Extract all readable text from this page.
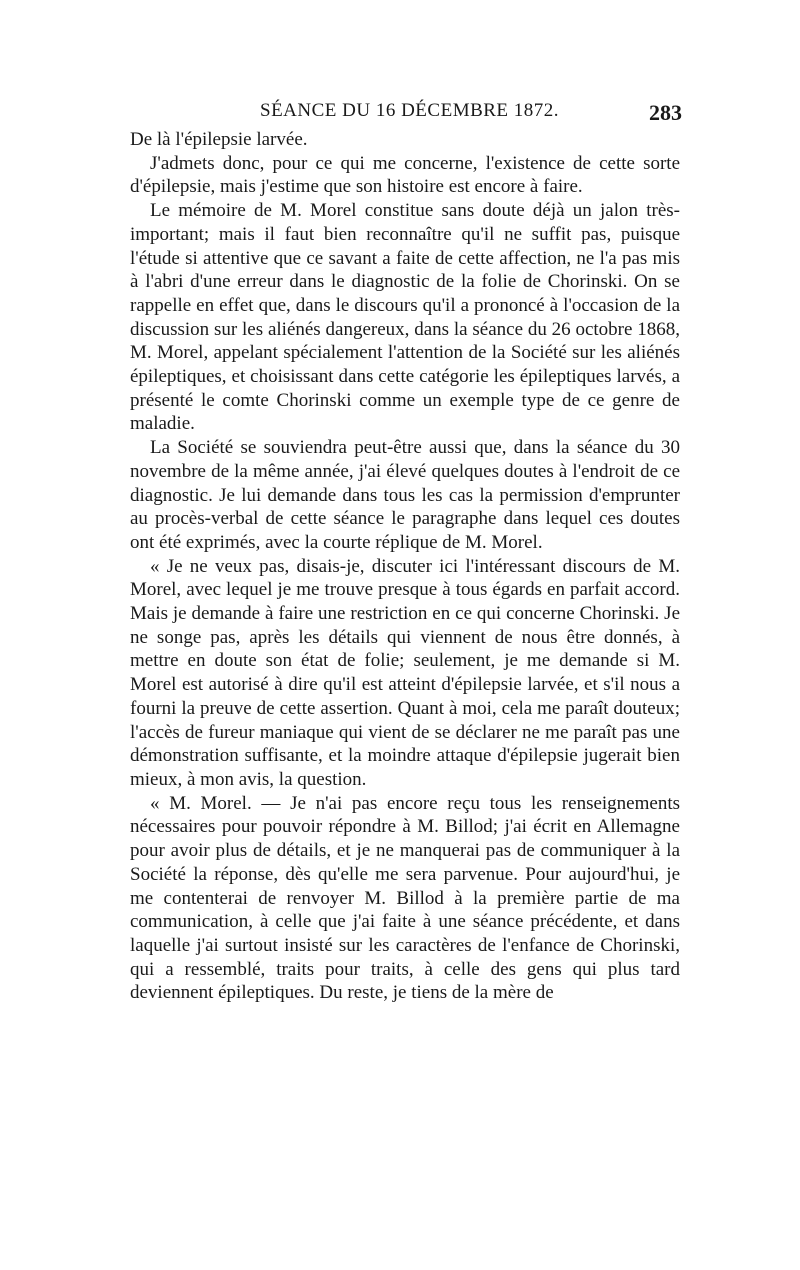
SÉANCE DU 16 DÉCEMBRE 1872.	283

De là l'épilepsie larvée.

J'admets donc, pour ce qui me concerne, l'existence de cette sorte d'épilepsie, mais j'estime que son histoire est encore à faire.

Le mémoire de M. Morel constitue sans doute déjà un jalon très-important; mais il faut bien reconnaître qu'il ne suffit pas, puisque l'étude si attentive que ce savant a faite de cette affection, ne l'a pas mis à l'abri d'une erreur dans le diagnostic de la folie de Chorinski. On se rappelle en effet que, dans le discours qu'il a prononcé à l'occasion de la discussion sur les aliénés dangereux, dans la séance du 26 octobre 1868, M. Morel, appelant spécialement l'attention de la Société sur les aliénés épileptiques, et choisissant dans cette catégorie les épileptiques larvés, a présenté le comte Chorinski comme un exemple type de ce genre de maladie.

La Société se souviendra peut-être aussi que, dans la séance du 30 novembre de la même année, j'ai élevé quelques doutes à l'endroit de ce diagnostic. Je lui demande dans tous les cas la permission d'emprunter au procès-verbal de cette séance le paragraphe dans lequel ces doutes ont été exprimés, avec la courte réplique de M. Morel.

« Je ne veux pas, disais-je, discuter ici l'intéressant discours de M. Morel, avec lequel je me trouve presque à tous égards en parfait accord. Mais je demande à faire une restriction en ce qui concerne Chorinski. Je ne songe pas, après les détails qui viennent de nous être donnés, à mettre en doute son état de folie; seulement, je me demande si M. Morel est autorisé à dire qu'il est atteint d'épilepsie larvée, et s'il nous a fourni la preuve de cette assertion. Quant à moi, cela me paraît douteux; l'accès de fureur maniaque qui vient de se déclarer ne me paraît pas une démonstration suffisante, et la moindre attaque d'épilepsie jugerait bien mieux, à mon avis, la question.

« M. Morel. — Je n'ai pas encore reçu tous les renseignements nécessaires pour pouvoir répondre à M. Billod; j'ai écrit en Allemagne pour avoir plus de détails, et je ne manquerai pas de communiquer à la Société la réponse, dès qu'elle me sera parvenue. Pour aujourd'hui, je me contenterai de renvoyer M. Billod à la première partie de ma communication, à celle que j'ai faite à une séance précédente, et dans laquelle j'ai surtout insisté sur les caractères de l'enfance de Chorinski, qui a ressemblé, traits pour traits, à celle des gens qui plus tard deviennent épileptiques. Du reste, je tiens de la mère de
